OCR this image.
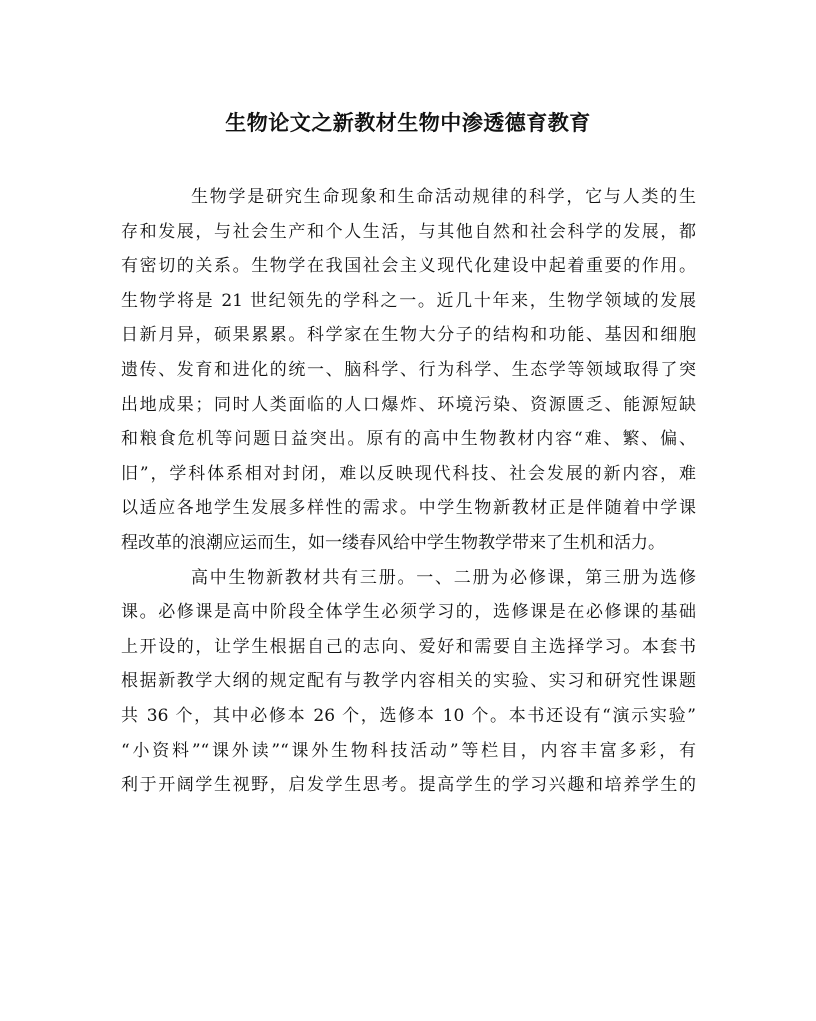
生物论文之新教材生物中渗透德育教育
生物学是研究生命现象和生命活动规律的科学，它与人类的生
存和发展，与社会生产和个人生活，与其他自然和社会科学的发展，都
有密切的关系。生物学在我国社会主义现代化建设中起着重要的作用。
生物学将是 21 世纪领先的学科之一。近几十年来，生物学领域的发展
日新月异，硕果累累。科学家在生物大分子的结构和功能、基因和细胞
遗传、发育和进化的统一、脑科学、行为科学、生态学等领域取得了突
出地成果；同时人类面临的人口爆炸、环境污染、资源匮乏、能源短缺
和粮食危机等问题日益突出。原有的高中生物教材内容“难、繁、偏、
旧”，学科体系相对封闭，难以反映现代科技、社会发展的新内容，难
以适应各地学生发展多样性的需求。中学生物新教材正是伴随着中学课
程改革的浪潮应运而生，如一缕春风给中学生物教学带来了生机和活力。
高中生物新教材共有三册。一、二册为必修课，第三册为选修
课。必修课是高中阶段全体学生必须学习的，选修课是在必修课的基础
上开设的，让学生根据自己的志向、爱好和需要自主选择学习。本套书
根据新教学大纲的规定配有与教学内容相关的实验、实习和研究性课题
共 36 个，其中必修本 26 个，选修本 10 个。本书还设有“演示实验”
“小资料”“课外读”“课外生物科技活动”等栏目，内容丰富多彩，有
利于开阔学生视野，启发学生思考。提高学生的学习兴趣和培养学生的
